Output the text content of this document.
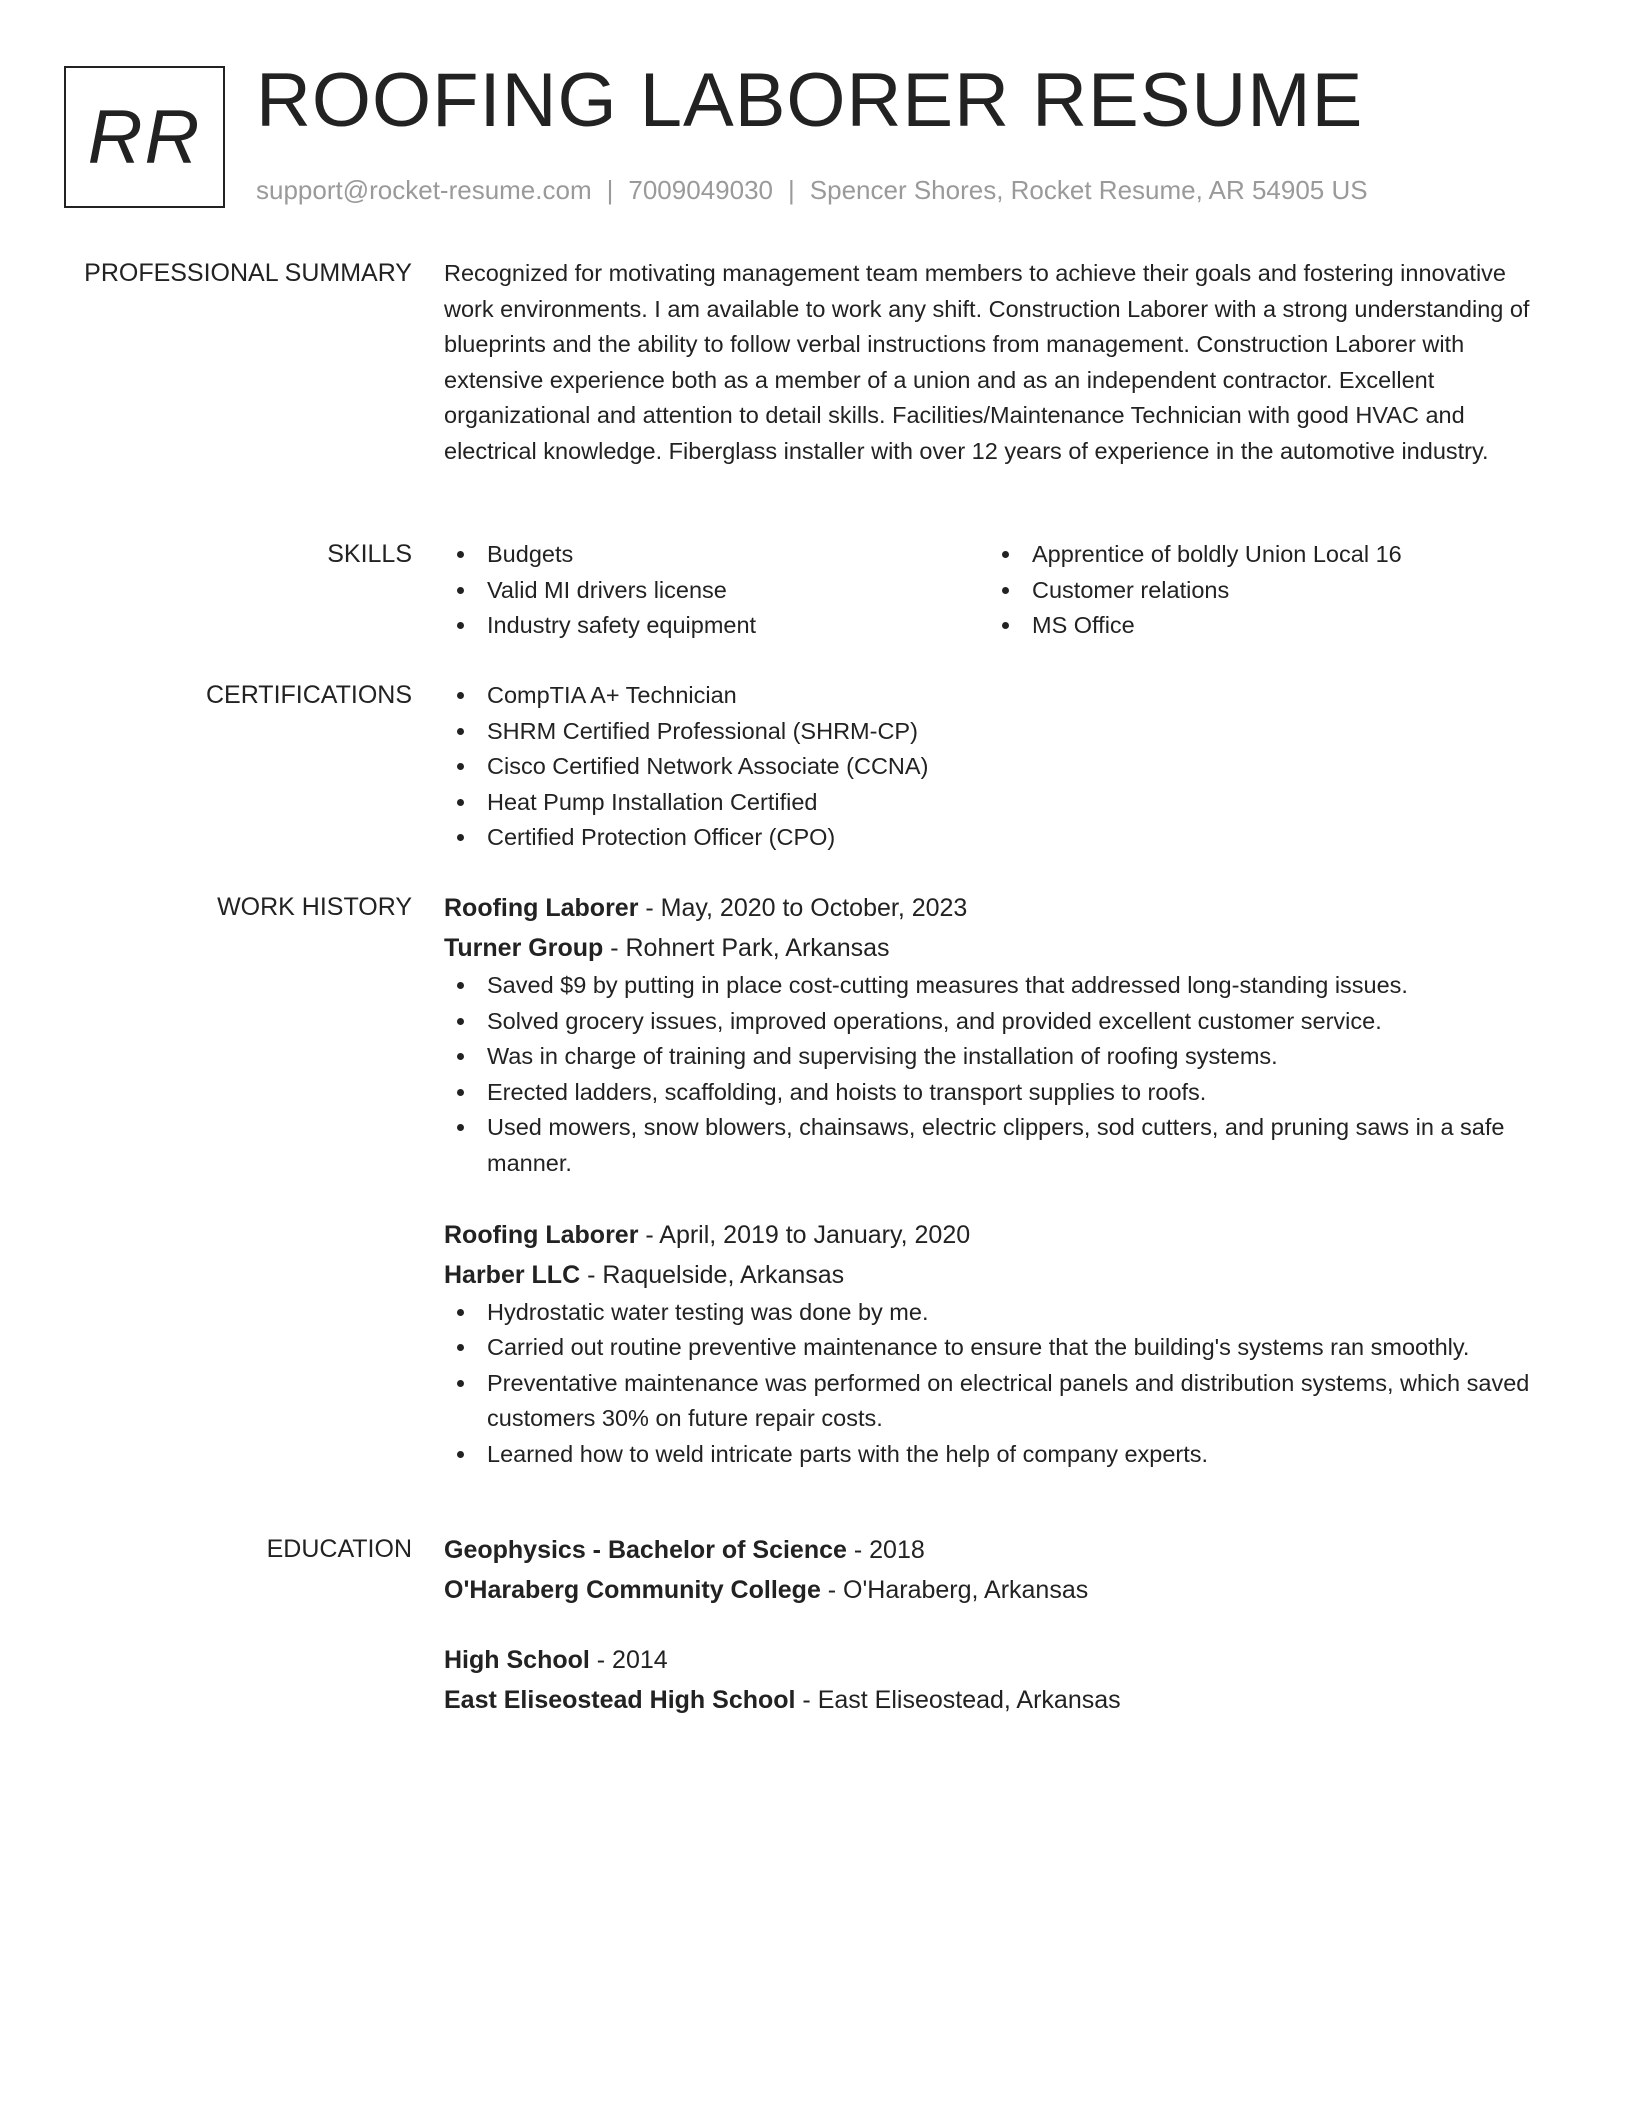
RR ROOFING LABORER RESUME
support@rocket-resume.com | 7009049030 | Spencer Shores, Rocket Resume, AR 54905 US
PROFESSIONAL SUMMARY Recognized for motivating management team members to achieve their goals and fostering innovative work environments. I am available to work any shift. Construction Laborer with a strong understanding of blueprints and the ability to follow verbal instructions from management. Construction Laborer with extensive experience both as a member of a union and as an independent contractor. Excellent organizational and attention to detail skills. Facilities/Maintenance Technician with good HVAC and electrical knowledge. Fiberglass installer with over 12 years of experience in the automotive industry.

SKILLS	Budgets
Valid MI drivers license
Industry safety equipment
Apprentice of boldly Union Local 16
Customer relations
MS Office
CERTIFICATIONS	CompTIA A+ Technician
SHRM Certified Professional (SHRM-CP)
Cisco Certified Network Associate (CCNA)
Heat Pump Installation Certified
Certified Protection Officer (CPO)
WORK HISTORY Roofing Laborer - May, 2020 to October, 2023
Turner Group - Rohnert Park, Arkansas
Saved $9 by putting in place cost-cutting measures that addressed long-standing issues.
Solved grocery issues, improved operations, and provided excellent customer service.
Was in charge of training and supervising the installation of roofing systems.
Erected ladders, scaffolding, and hoists to transport supplies to roofs.
Used mowers, snow blowers, chainsaws, electric clippers, sod cutters, and pruning saws in a safe manner.
Roofing Laborer - April, 2019 to January, 2020
Harber LLC - Raquelside, Arkansas
Hydrostatic water testing was done by me.
Carried out routine preventive maintenance to ensure that the building's systems ran smoothly.
Preventative maintenance was performed on electrical panels and distribution systems, which saved customers 30% on future repair costs.
Learned how to weld intricate parts with the help of company experts.
EDUCATION Geophysics - Bachelor of Science - 2018
O'Haraberg Community College - O'Haraberg, Arkansas
High School - 2014
East Eliseostead High School - East Eliseostead, Arkansas
